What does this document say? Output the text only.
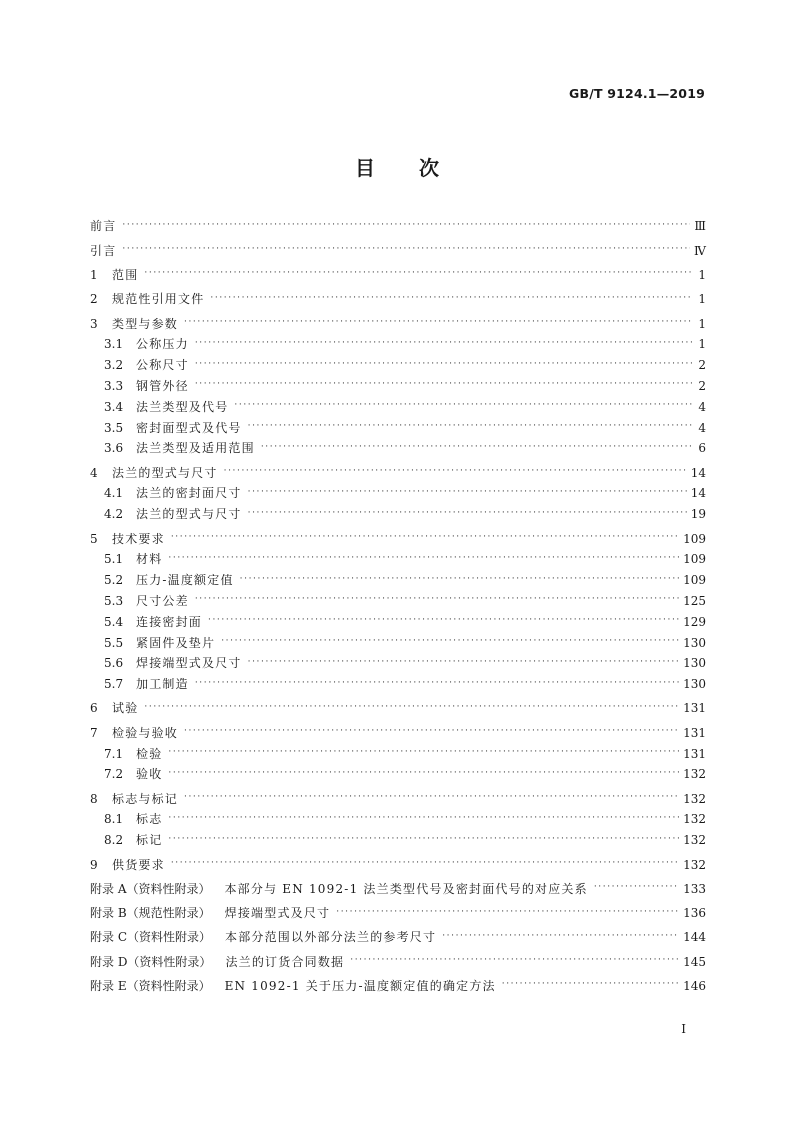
GB/T 9124.1—2019
目次
前言 ·····	Ⅲ
引言 ·····	Ⅳ
1	范围 ·····	1
2	规范性引用文件 ·····	1
3	类型与参数 ·····	1
3.1	公称压力 ·····	1
3.2	公称尺寸 ·····	2
3.3	钢管外径 ·····	2
3.4	法兰类型及代号 ·····	4
3.5	密封面型式及代号 ·····	4
3.6	法兰类型及适用范围 ·····	6
4	法兰的型式与尺寸 ·····	14
4.1	法兰的密封面尺寸 ·····	14
4.2	法兰的型式与尺寸 ·····	19
5	技术要求 ·····	109
5.1	材料 ·····	109
5.2	压力-温度额定值 ·····	109
5.3	尺寸公差 ·····	125
5.4	连接密封面 ·····	129
5.5	紧固件及垫片 ·····	130
5.6	焊接端型式及尺寸 ·····	130
5.7	加工制造 ·····	130
6	试验 ·····	131
7	检验与验收 ·····	131
7.1	检验 ·····	131
7.2	验收 ·····	132
8	标志与标记 ·····	132
8.1	标志 ·····	132
8.2	标记 ·····	132
9	供货要求 ·····	132
附录 A（资料性附录） 本部分与 EN 1092-1 法兰类型代号及密封面代号的对应关系 ·····	133
附录 B（规范性附录） 焊接端型式及尺寸 ·····	136
附录 C（资料性附录） 本部分范围以外部分法兰的参考尺寸 ·····	144
附录 D（资料性附录） 法兰的订货合同数据 ·····	145
附录 E（资料性附录） EN 1092-1 关于压力-温度额定值的确定方法 ·····	146
I
